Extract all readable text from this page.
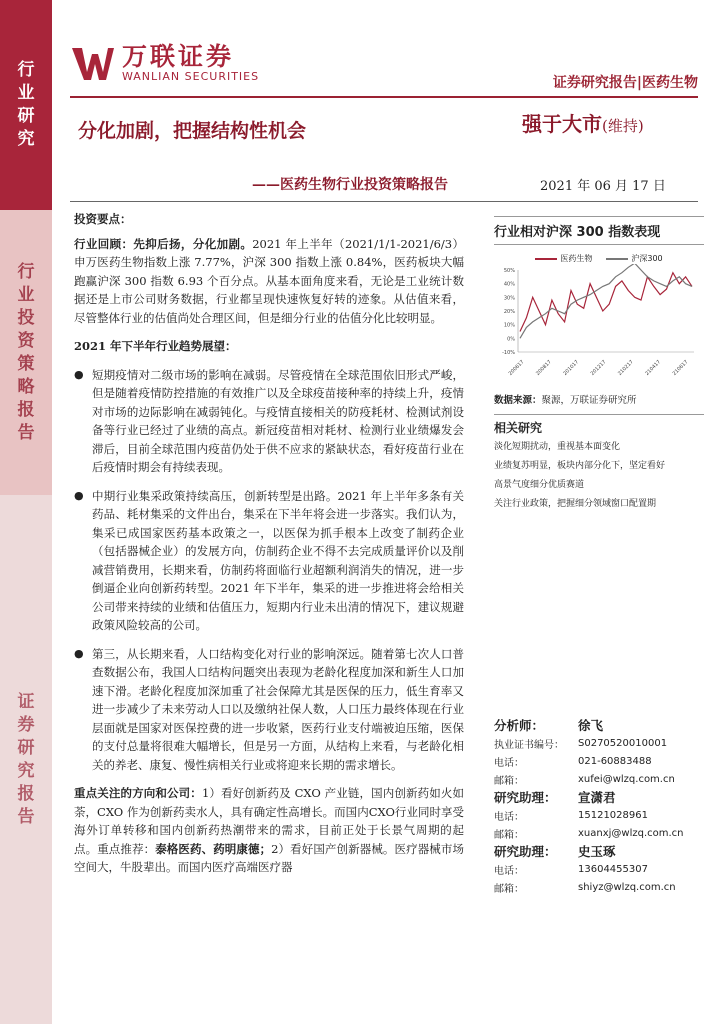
行
业
研
究
行
业
投
资
策
略
报
告
证
券
研
究
报
告
万联证券
WANLIAN SECURITIES	证券研究报告|医药生物
分化加剧，把握结构性机会	强于大市(维持)
——医药生物行业投资策略报告	2021 年 06 月 17 日
投资要点：

行业回顾：先抑后扬，分化加剧。2021 年上半年（2021/1/1-2021/6/3）申万医药生物指数上涨 7.77%，沪深 300 指数上涨 0.84%，医药板块大幅跑赢沪深 300 指数 6.93 个百分点。从基本面角度来看，无论是工业统计数据还是上市公司财务数据，行业都呈现快速恢复好转的迹象。从估值来看，尽管整体行业的估值尚处合理区间，但是细分行业的估值分化比较明显。

2021 年下半年行业趋势展望：
● 短期疫情对二级市场的影响在减弱。尽管疫情在全球范围依旧形式严峻，但是随着疫情防控措施的有效推广以及全球疫苗接种率的持续上升，疫情对市场的边际影响在减弱钝化。与疫情直接相关的防疫耗材、检测试剂设备等行业已经过了业绩的高点。新冠疫苗相对耗材、检测行业业绩爆发会滞后，目前全球范围内疫苗仍处于供不应求的紧缺状态，看好疫苗行业在后疫情时期会有持续表现。
● 中期行业集采政策持续高压，创新转型是出路。2021 年上半年多条有关药品、耗材集采的文件出台，集采在下半年将会进一步落实。我们认为，集采已成国家医药基本政策之一，以医保为抓手根本上改变了制药企业（包括器械企业）的发展方向，仿制药企业不得不去完成质量评价以及削减营销费用，长期来看，仿制药将面临行业超额利润消失的情况，进一步倒逼企业向创新药转型。2021 年下半年，集采的进一步推进将会给相关公司带来持续的业绩和估值压力，短期内行业未出清的情况下，建议规避政策风险较高的公司。
● 第三，从长期来看，人口结构变化对行业的影响深远。随着第七次人口普查数据公布，我国人口结构问题突出表现为老龄化程度加深和新生人口加速下滑。老龄化程度加深加重了社会保障尤其是医保的压力，低生育率又进一步减少了未来劳动人口以及缴纳社保人数，人口压力最终体现在行业层面就是国家对医保控费的进一步收紧，医药行业支付端被迫压缩，医保的支付总量将很难大幅增长，但是另一方面，从结构上来看，与老龄化相关的养老、康复、慢性病相关行业或将迎来长期的需求增长。

重点关注的方向和公司：1）看好创新药及 CXO 产业链，国内创新药如火如荼，CXO 作为创新药卖水人，具有确定性高增长。而国内CXO行业同时享受海外订单转移和国内创新药热潮带来的需求，目前正处于长景气周期的起点。重点推荐：泰格医药、药明康德；2）看好国产创新器械。医疗器械市场空间大，牛股辈出。而国内医疗高端医疗器

行业相对沪深 300 指数表现
医药生物	沪深300
50%
40%
30%
20%
10%
0%
-10%
200617 200817 201017 201217 210217 210417 210617
数据来源：聚源，万联证券研究所
相关研究
淡化短期扰动，重视基本面变化
业绩复苏明显，板块内部分化下，坚定看好
高景气度细分优质赛道
关注行业政策，把握细分领域窗口配置期
分析师：	徐飞
执业证书编号：	S0270520010001
电话：	021-60883488
邮箱：	xufei@wlzq.com.cn
研究助理：	宣潇君
电话：	15121028961
邮箱：	xuanxj@wlzq.com.cn
研究助理：	史玉琢
电话：	13604455307
邮箱：	shiyz@wlzq.com.cn
